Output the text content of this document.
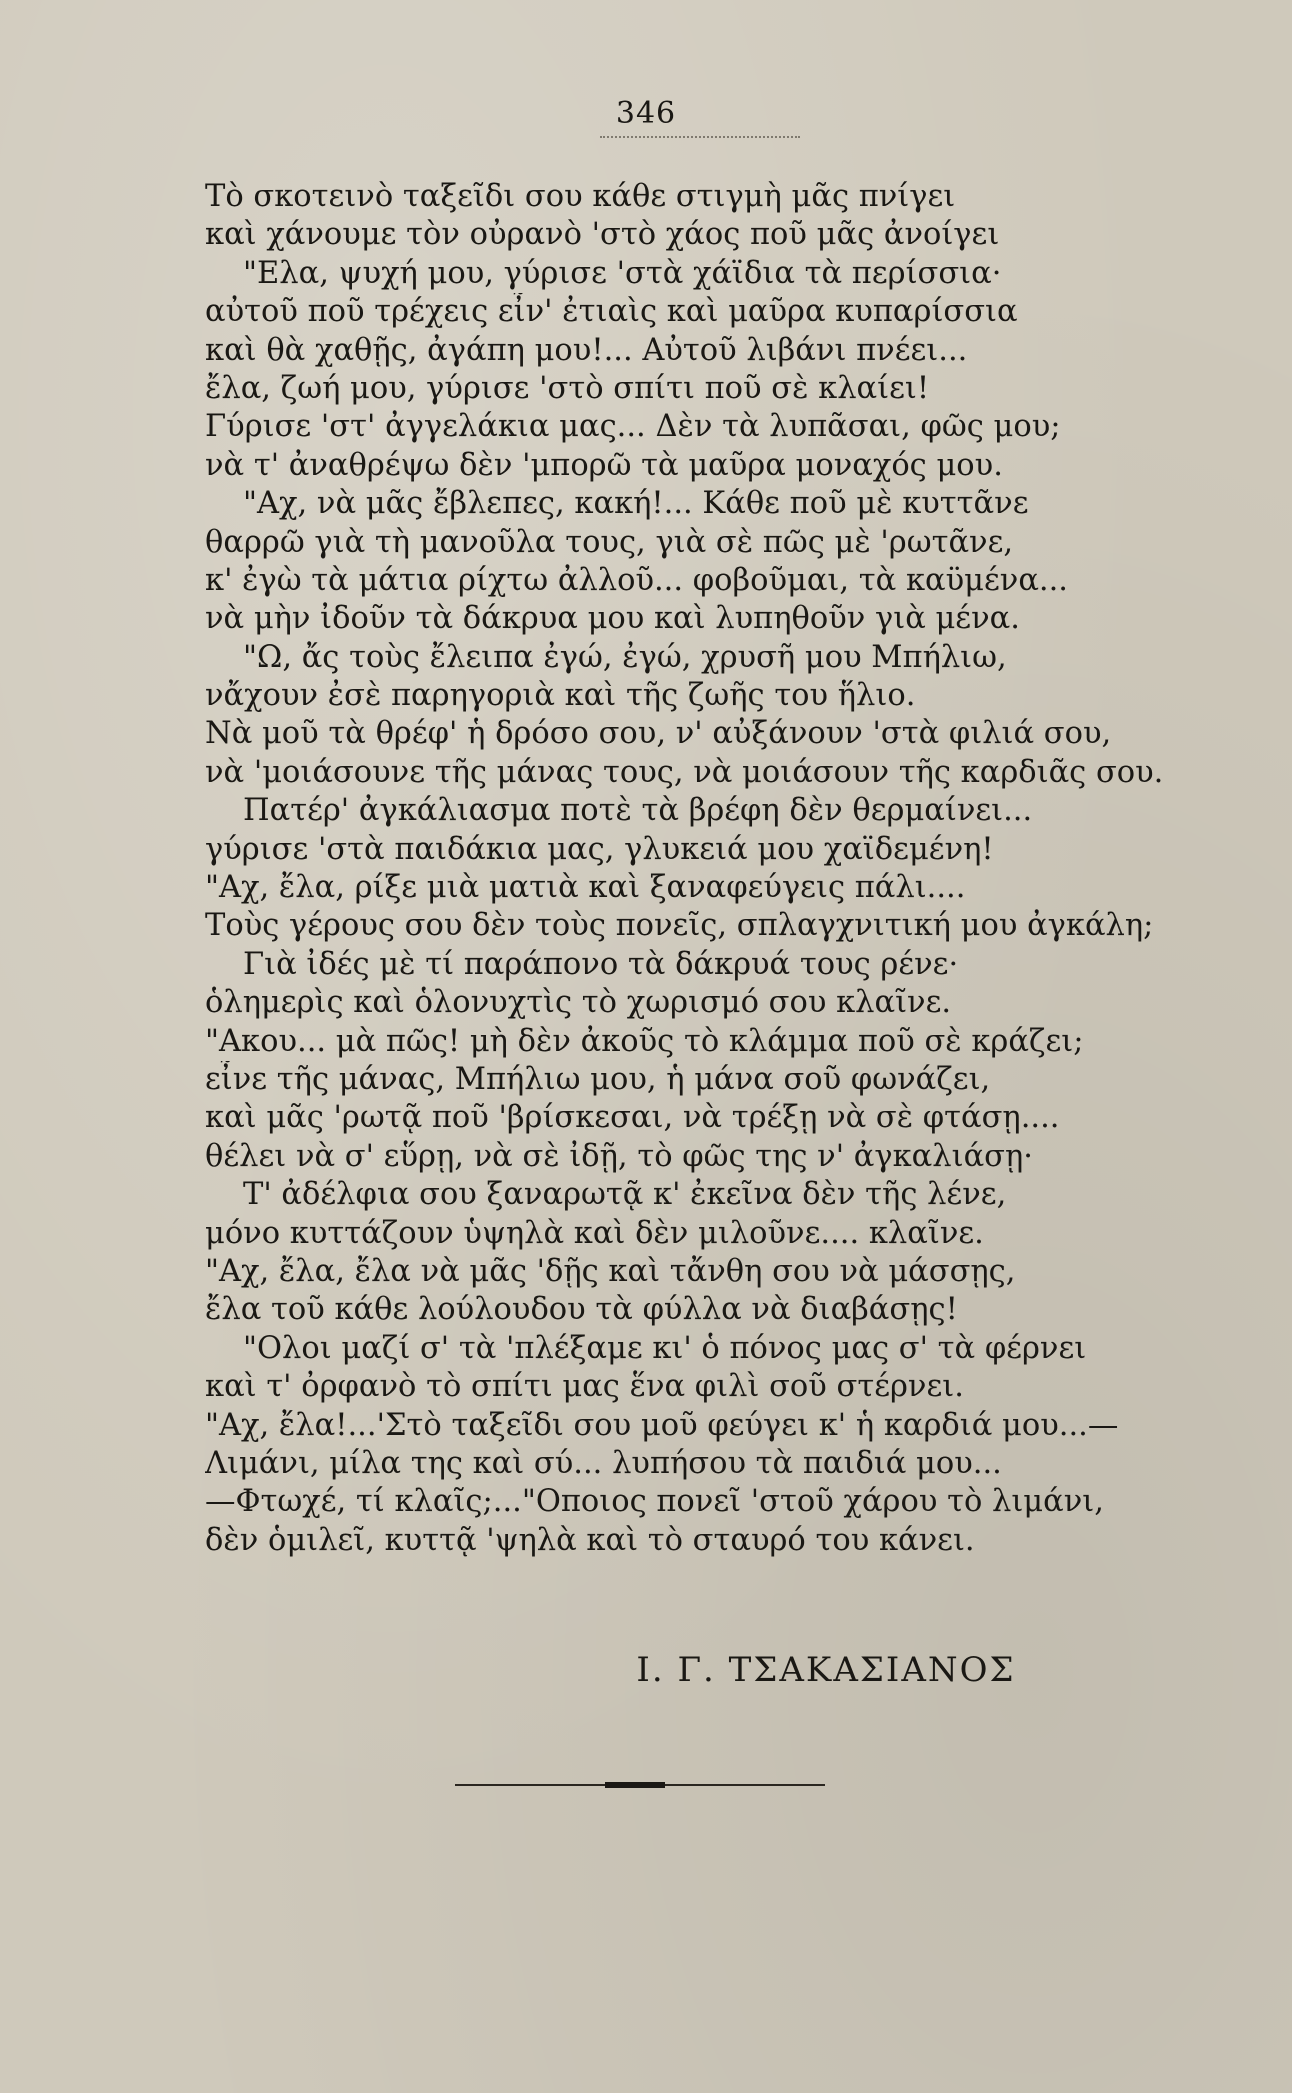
346
Τὸ σκοτεινὸ ταξεῖδι σου κάθε στιγμὴ μᾶς πνίγει
καὶ χάνουμε τὸν οὐρανὸ 'στὸ χάος ποῦ μᾶς ἀνοίγει
"Ελα, ψυχή μου, γύρισε 'στὰ χάϊδια τὰ περίσσια·
αὐτοῦ ποῦ τρέχεις εἶν' ἐτιαὶς καὶ μαῦρα κυπαρίσσια
καὶ θὰ χαθῇς, ἀγάπη μου!... Αὐτοῦ λιβάνι πνέει...
ἔλα, ζωή μου, γύρισε 'στὸ σπίτι ποῦ σὲ κλαίει!
Γύρισε 'στ' ἀγγελάκια μας... Δὲν τὰ λυπᾶσαι, φῶς μου;
νὰ τ' ἀναθρέψω δὲν 'μπορῶ τὰ μαῦρα μοναχός μου.
"Αχ, νὰ μᾶς ἔβλεπες, κακή!... Κάθε ποῦ μὲ κυττᾶνε
θαρρῶ γιὰ τὴ μανοῦλα τους, γιὰ σὲ πῶς μὲ 'ρωτᾶνε,
κ' ἐγὼ τὰ μάτια ρίχτω ἀλλοῦ... φοβοῦμαι, τὰ καϋμένα...
νὰ μὴν ἰδοῦν τὰ δάκρυα μου καὶ λυπηθοῦν γιὰ μένα.
"Ω, ἄς τοὺς ἔλειπα ἐγώ, ἐγώ, χρυσῆ μου Μπήλιω,
νἄχουν ἐσὲ παρηγοριὰ καὶ τῆς ζωῆς του ἥλιο.
Νὰ μοῦ τὰ θρέφ' ἡ δρόσο σου, ν' αὐξάνουν 'στὰ φιλιά σου,
νὰ 'μοιάσουνε τῆς μάνας τους, νὰ μοιάσουν τῆς καρδιᾶς σου.
Πατέρ' ἀγκάλιασμα ποτὲ τὰ βρέφη δὲν θερμαίνει...
γύρισε 'στὰ παιδάκια μας, γλυκειά μου χαϊδεμένη!
"Αχ, ἔλα, ρίξε μιὰ ματιὰ καὶ ξαναφεύγεις πάλι....
Τοὺς γέρους σου δὲν τοὺς πονεῖς, σπλαγχνιτική μου ἀγκάλη;
Γιὰ ἰδές μὲ τί παράπονο τὰ δάκρυά τους ρένε·
ὁλημερὶς καὶ ὁλονυχτὶς τὸ χωρισμό σου κλαῖνε.
"Ακου... μὰ πῶς! μὴ δὲν ἀκοῦς τὸ κλάμμα ποῦ σὲ κράζει;
εἶνε τῆς μάνας, Μπήλιω μου, ἡ μάνα σοῦ φωνάζει,
καὶ μᾶς 'ρωτᾷ ποῦ 'βρίσκεσαι, νὰ τρέξῃ νὰ σὲ φτάσῃ....
θέλει νὰ σ' εὕρῃ, νὰ σὲ ἰδῇ, τὸ φῶς της ν' ἀγκαλιάσῃ·
Τ' ἀδέλφια σου ξαναρωτᾷ κ' ἐκεῖνα δὲν τῆς λένε,
μόνο κυττάζουν ὑψηλὰ καὶ δὲν μιλοῦνε.... κλαῖνε.
"Αχ, ἔλα, ἔλα νὰ μᾶς 'δῇς καὶ τἄνθη σου νὰ μάσσῃς,
ἔλα τοῦ κάθε λούλουδου τὰ φύλλα νὰ διαβάσῃς!
"Ολοι μαζί σ' τὰ 'πλέξαμε κι' ὁ πόνος μας σ' τὰ φέρνει
καὶ τ' ὀρφανὸ τὸ σπίτι μας ἕνα φιλὶ σοῦ στέρνει.
"Αχ, ἔλα!...'Στὸ ταξεῖδι σου μοῦ φεύγει κ' ἡ καρδιά μου...—
Λιμάνι, μίλα της καὶ σύ... λυπήσου τὰ παιδιά μου...
—Φτωχέ, τί κλαῖς;..."Οποιος πονεῖ 'στοῦ χάρου τὸ λιμάνι,
δὲν ὁμιλεῖ, κυττᾷ 'ψηλὰ καὶ τὸ σταυρό του κάνει.
Ι. Γ. ΤΣΑΚΑΣΙΑΝΟΣ
